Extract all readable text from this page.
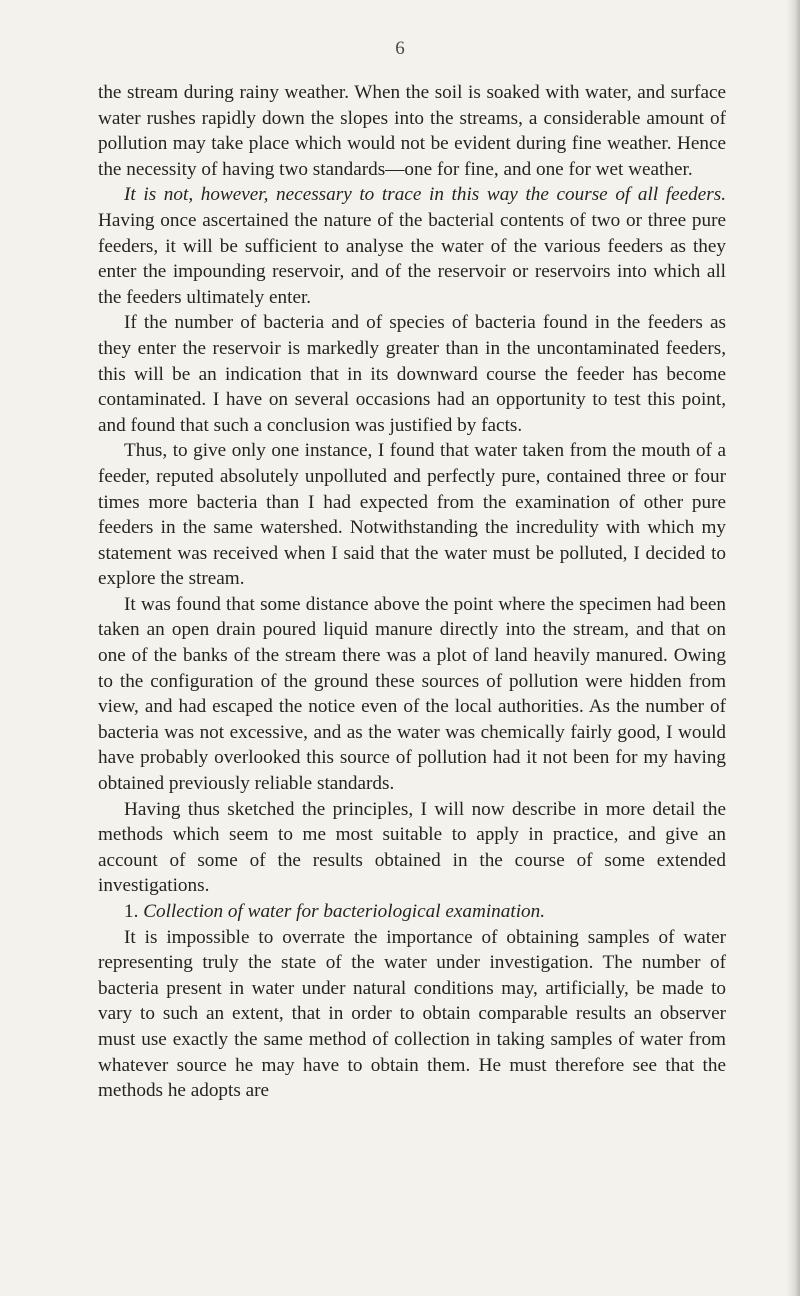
6

the stream during rainy weather. When the soil is soaked with water, and surface water rushes rapidly down the slopes into the streams, a considerable amount of pollution may take place which would not be evident during fine weather. Hence the necessity of having two standards—one for fine, and one for wet weather.

It is not, however, necessary to trace in this way the course of all feeders. Having once ascertained the nature of the bacterial contents of two or three pure feeders, it will be sufficient to analyse the water of the various feeders as they enter the impounding reservoir, and of the reservoir or reservoirs into which all the feeders ultimately enter.

If the number of bacteria and of species of bacteria found in the feeders as they enter the reservoir is markedly greater than in the uncontaminated feeders, this will be an indication that in its downward course the feeder has become contaminated. I have on several occasions had an opportunity to test this point, and found that such a conclusion was justified by facts.

Thus, to give only one instance, I found that water taken from the mouth of a feeder, reputed absolutely unpolluted and perfectly pure, contained three or four times more bacteria than I had expected from the examination of other pure feeders in the same watershed. Notwithstanding the incredulity with which my statement was received when I said that the water must be polluted, I decided to explore the stream.

It was found that some distance above the point where the specimen had been taken an open drain poured liquid manure directly into the stream, and that on one of the banks of the stream there was a plot of land heavily manured. Owing to the configuration of the ground these sources of pollution were hidden from view, and had escaped the notice even of the local authorities. As the number of bacteria was not excessive, and as the water was chemically fairly good, I would have probably overlooked this source of pollution had it not been for my having obtained previously reliable standards.

Having thus sketched the principles, I will now describe in more detail the methods which seem to me most suitable to apply in practice, and give an account of some of the results obtained in the course of some extended investigations.

1. Collection of water for bacteriological examination.

It is impossible to overrate the importance of obtaining samples of water representing truly the state of the water under investigation. The number of bacteria present in water under natural conditions may, artificially, be made to vary to such an extent, that in order to obtain comparable results an observer must use exactly the same method of collection in taking samples of water from whatever source he may have to obtain them. He must therefore see that the methods he adopts are
